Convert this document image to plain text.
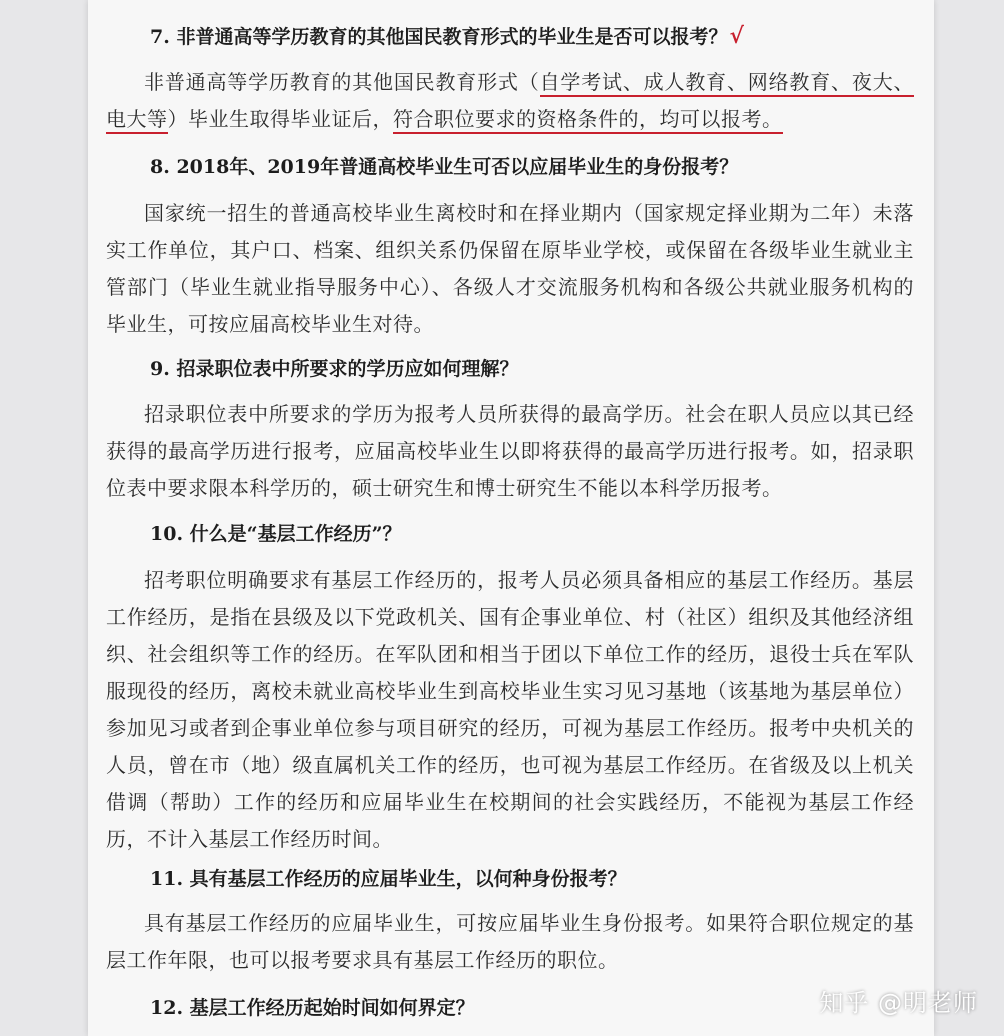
7. 非普通高等学历教育的其他国民教育形式的毕业生是否可以报考？√

非普通高等学历教育的其他国民教育形式（自学考试、成人教育、网络教育、夜大、电大等）毕业生取得毕业证后，符合职位要求的资格条件的，均可以报考。

8. 2018年、2019年普通高校毕业生可否以应届毕业生的身份报考？

国家统一招生的普通高校毕业生离校时和在择业期内（国家规定择业期为二年）未落实工作单位，其户口、档案、组织关系仍保留在原毕业学校，或保留在各级毕业生就业主管部门（毕业生就业指导服务中心）、各级人才交流服务机构和各级公共就业服务机构的毕业生，可按应届高校毕业生对待。

9. 招录职位表中所要求的学历应如何理解？

招录职位表中所要求的学历为报考人员所获得的最高学历。社会在职人员应以其已经获得的最高学历进行报考，应届高校毕业生以即将获得的最高学历进行报考。如，招录职位表中要求限本科学历的，硕士研究生和博士研究生不能以本科学历报考。

10. 什么是“基层工作经历”？

招考职位明确要求有基层工作经历的，报考人员必须具备相应的基层工作经历。基层工作经历，是指在县级及以下党政机关、国有企事业单位、村（社区）组织及其他经济组织、社会组织等工作的经历。在军队团和相当于团以下单位工作的经历，退役士兵在军队服现役的经历，离校未就业高校毕业生到高校毕业生实习见习基地（该基地为基层单位）参加见习或者到企事业单位参与项目研究的经历，可视为基层工作经历。报考中央机关的人员，曾在市（地）级直属机关工作的经历，也可视为基层工作经历。在省级及以上机关借调（帮助）工作的经历和应届毕业生在校期间的社会实践经历，不能视为基层工作经历，不计入基层工作经历时间。

11. 具有基层工作经历的应届毕业生，以何种身份报考？

具有基层工作经历的应届毕业生，可按应届毕业生身份报考。如果符合职位规定的基层工作年限，也可以报考要求具有基层工作经历的职位。

12. 基层工作经历起始时间如何界定？	知乎 @明老师
